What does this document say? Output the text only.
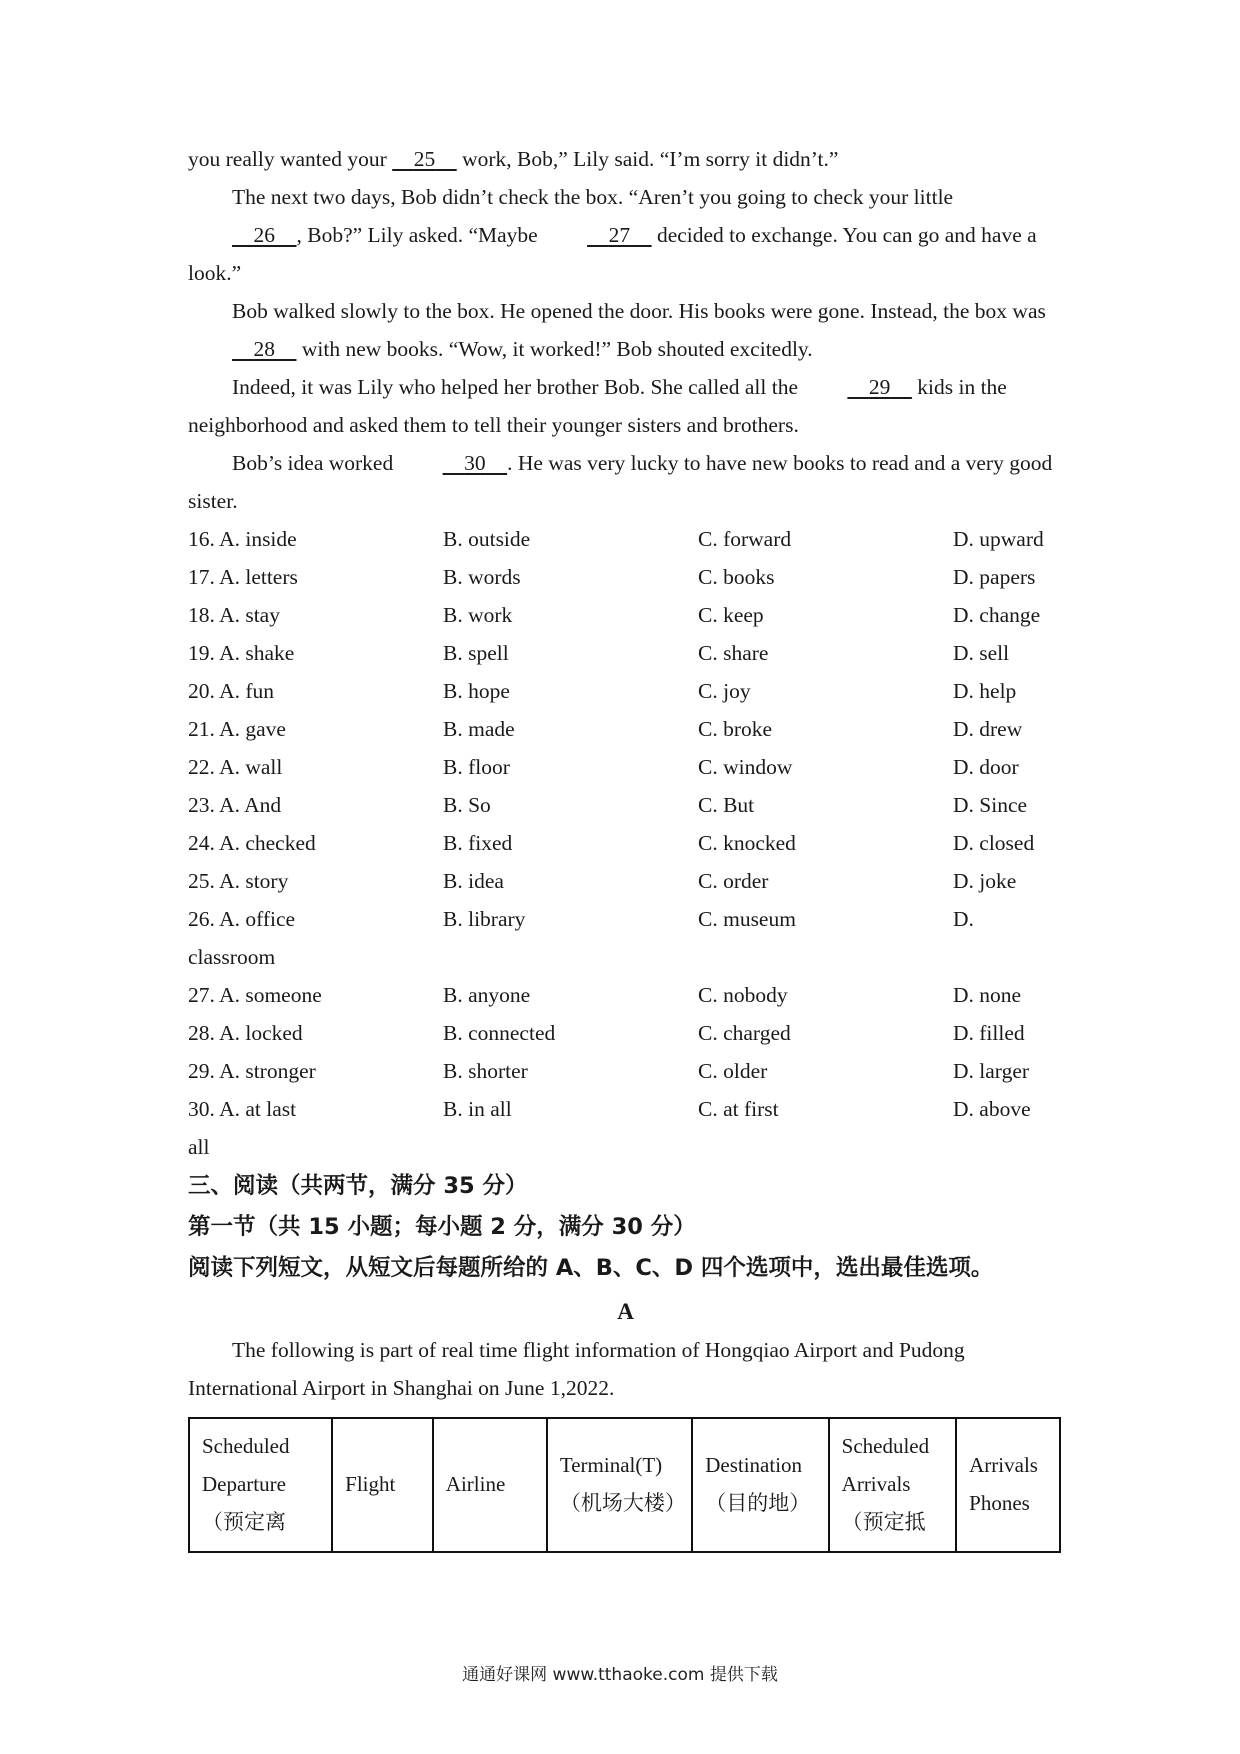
you really wanted your     25     work, Bob,” Lily said. “I’m sorry it didn’t.”

The next two days, Bob didn’t check the box. “Aren’t you going to check your little     26 , Bob?” Lily asked. “Maybe	27     decided to exchange. You can go and have a look.”

Bob walked slowly to the box. He opened the door. His books were gone. Instead, the box was     28     with new books. “Wow, it worked!” Bob shouted excitedly.

Indeed, it was Lily who helped her brother Bob. She called all the	29     kids in the neighborhood and asked them to tell their younger sisters and brothers.

Bob’s idea worked	30 . He was very lucky to have new books to read and a very good sister.

16. A. inside	B. outside	C. forward	D. upward
17. A. letters	B. words	C. books	D. papers
18. A. stay	B. work	C. keep	D. change
19. A. shake	B. spell	C. share	D. sell
20. A. fun	B. hope	C. joy	D. help
21. A. gave	B. made	C. broke	D. drew
22. A. wall	B. floor	C. window	D. door
23. A. And	B. So	C. But	D. Since
24. A. checked	B. fixed	C. knocked	D. closed
25. A. story	B. idea	C. order	D. joke
26. A. office	B. library	C. museum	D.
classroom
27. A. someone	B. anyone	C. nobody	D. none
28. A. locked	B. connected	C. charged	D. filled
29. A. stronger	B. shorter	C. older	D. larger
30. A. at last	B. in all	C. at first	D. above
all

三、阅读（共两节，满分 35 分）

第一节（共 15 小题；每小题 2 分，满分 30 分）

阅读下列短文，从短文后每题所给的 A、B、C、D 四个选项中，选出最佳选项。

A

The following is part of real time flight information of Hongqiao Airport and Pudong International Airport in Shanghai on June 1,2022.

Scheduled Departure （预定离	Flight	Airline	Terminal(T) （机场大楼）	Destination （目的地）	Scheduled Arrivals （预定抵	Arrivals Phones
通通好课网 www.tthaoke.com 提供下载
